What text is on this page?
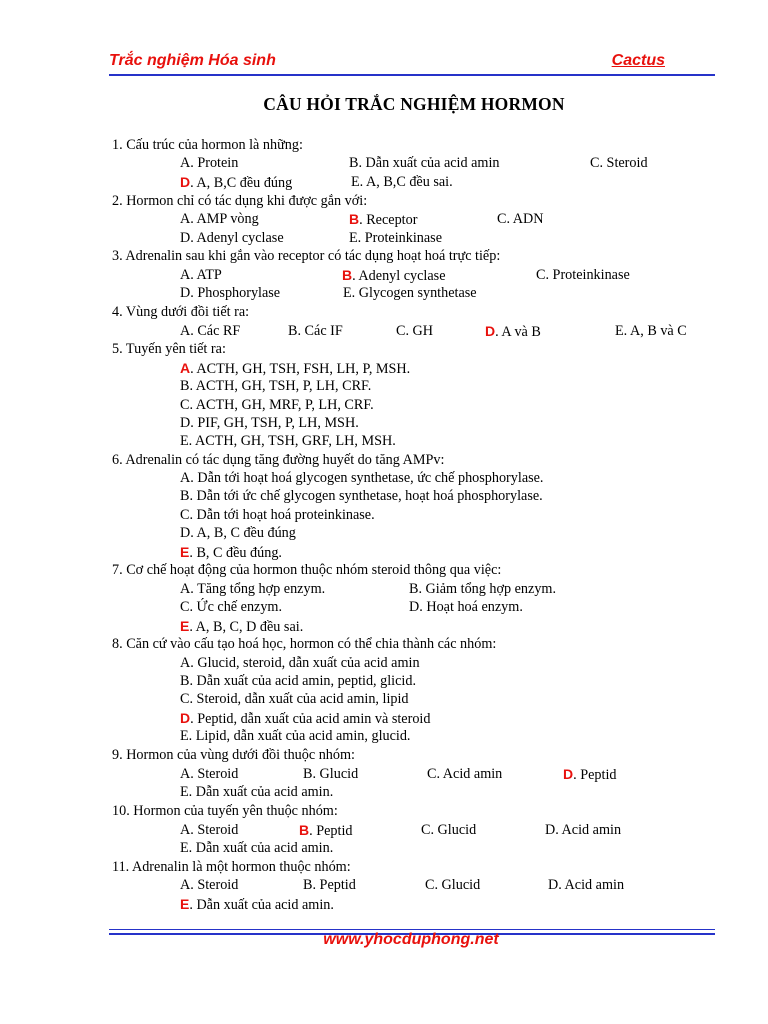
Trắc nghiệm Hóa sinh	Cactus
CÂU HỎI TRẮC NGHIỆM HORMON
1. Cấu trúc của hormon là những:
A. Protein	B. Dẫn xuất của acid amin	C. Steroid
D. A, B,C đều đúng	E. A, B,C đều sai.
2. Hormon chỉ có tác dụng khi được gắn với:
A. AMP vòng	B. Receptor	C. ADN
D. Adenyl cyclase	E. Proteinkinase
3. Adrenalin sau khi gắn vào receptor có tác dụng hoạt hoá trực tiếp:
A. ATP	B. Adenyl cyclase	C. Proteinkinase
D. Phosphorylase	E. Glycogen synthetase
4. Vùng dưới đồi tiết ra:
A. Các RF	B. Các IF	C. GH	D. A và B	E. A, B và C
5. Tuyến yên tiết ra:
A. ACTH, GH, TSH, FSH, LH, P, MSH.
B. ACTH, GH, TSH, P, LH, CRF.
C. ACTH, GH, MRF, P, LH, CRF.
D. PIF, GH, TSH, P, LH, MSH.
E. ACTH, GH, TSH, GRF, LH, MSH.
6. Adrenalin có tác dụng tăng đường huyết do tăng AMPv:
A. Dẫn tới hoạt hoá glycogen synthetase, ức chế phosphorylase.
B. Dẫn tới ức chế glycogen synthetase, hoạt hoá phosphorylase.
C. Dẫn tới hoạt hoá proteinkinase.
D. A, B, C đều đúng
E. B, C đều đúng.
7. Cơ chế hoạt động của hormon thuộc nhóm steroid thông qua việc:
A. Tăng tổng hợp enzym.	B. Giảm tổng hợp enzym.
C. Ức chế enzym.	D. Hoạt hoá enzym.
E. A, B, C, D đều sai.
8. Căn cứ vào cấu tạo hoá học, hormon có thể chia thành các nhóm:
A. Glucid, steroid, dẫn xuất của acid amin
B. Dẫn xuất của acid amin, peptid, glicid.
C. Steroid, dẫn xuất của acid amin, lipid
D. Peptid, dẫn xuất của acid amin và steroid
E. Lipid, dẫn xuất của acid amin, glucid.
9. Hormon của vùng dưới đồi thuộc nhóm:
A. Steroid	B. Glucid	C. Acid amin	D. Peptid
E. Dẫn xuất của acid amin.
10. Hormon của tuyến yên thuộc nhóm:
A. Steroid	B. Peptid	C. Glucid	D. Acid amin
E. Dẫn xuất của acid amin.
11. Adrenalin là một hormon thuộc nhóm:
A. Steroid	B. Peptid	C. Glucid	D. Acid amin
E. Dẫn xuất của acid amin.
www.yhocduphong.net
